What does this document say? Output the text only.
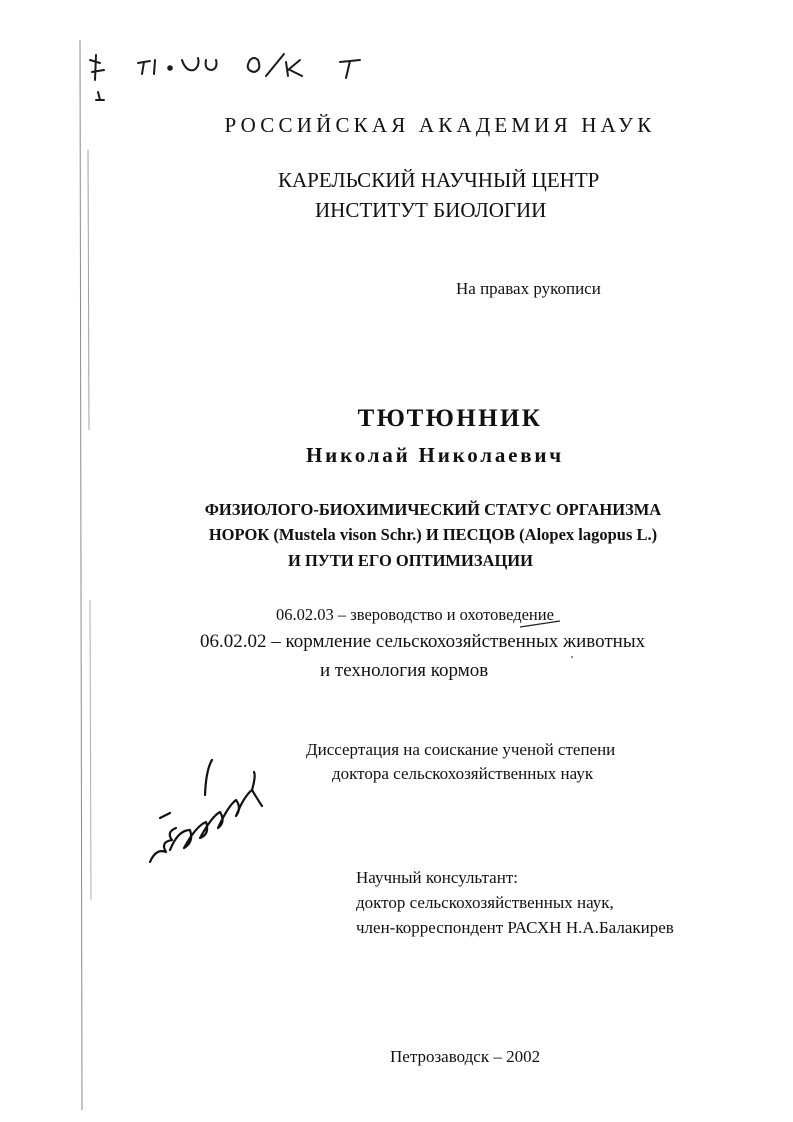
РОССИЙСКАЯ АКАДЕМИЯ НАУК
КАРЕЛЬСКИЙ НАУЧНЫЙ ЦЕНТР
ИНСТИТУТ БИОЛОГИИ
На правах рукописи
ТЮТЮННИК
Николай Николаевич
ФИЗИОЛОГО-БИОХИМИЧЕСКИЙ СТАТУС ОРГАНИЗМА
НОРОК (Mustela vison Schr.) И ПЕСЦОВ (Alopex lagopus L.)
И ПУТИ ЕГО ОПТИМИЗАЦИИ
06.02.03 – звероводство и охотоведение
06.02.02 – кормление сельскохозяйственных животных
и технология кормов
Диссертация на соискание ученой степени
доктора сельскохозяйственных наук
Научный консультант:
доктор сельскохозяйственных наук,
член-корреспондент РАСХН Н.А.Балакирев
Петрозаводск – 2002
